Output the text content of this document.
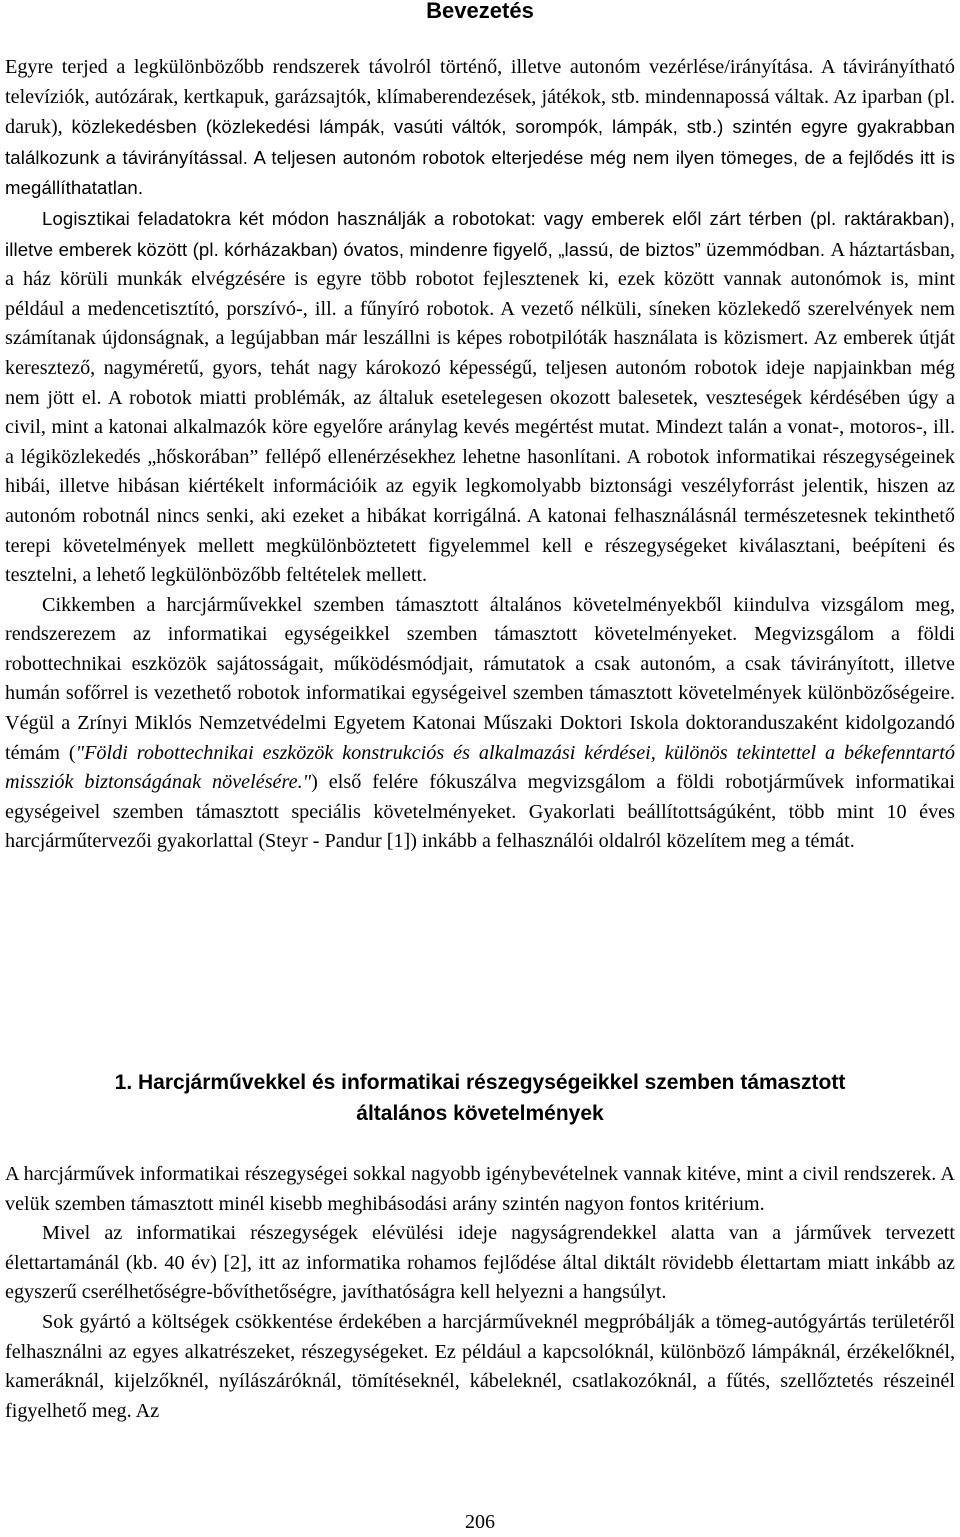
Bevezetés

Egyre terjed a legkülönbözőbb rendszerek távolról történő, illetve autonóm vezérlése/irányítása. A távirányítható televíziók, autózárak, kertkapuk, garázsajtók, klímaberendezések, játékok, stb. mindennapossá váltak. Az iparban (pl. daruk), közlekedésben (közlekedési lámpák, vasúti váltók, sorompók, lámpák, stb.) szintén egyre gyakrabban találkozunk a távirányítással. A teljesen autonóm robotok elterjedése még nem ilyen tömeges, de a fejlődés itt is megállíthatatlan.

Logisztikai feladatokra két módon használják a robotokat: vagy emberek elől zárt térben (pl. raktárakban), illetve emberek között (pl. kórházakban) óvatos, mindenre figyelő, „lassú, de biztos” üzemmódban. A háztartásban, a ház körüli munkák elvégzésére is egyre több robotot fejlesztenek ki, ezek között vannak autonómok is, mint például a medencetisztító, porszívó-, ill. a fűnyíró robotok. A vezető nélküli, síneken közlekedő szerelvények nem számítanak újdonságnak, a legújabban már leszállni is képes robotpilóták használata is közismert. Az emberek útját keresztező, nagyméretű, gyors, tehát nagy károkozó képességű, teljesen autonóm robotok ideje napjainkban még nem jött el. A robotok miatti problémák, az általuk esetelegesen okozott balesetek, veszteségek kérdésében úgy a civil, mint a katonai alkalmazók köre egyelőre aránylag kevés megértést mutat. Mindezt talán a vonat-, motoros-, ill. a légiközlekedés „hőskorában” fellépő ellenérzésekhez lehetne hasonlítani. A robotok informatikai részegységeinek hibái, illetve hibásan kiértékelt információik az egyik legkomolyabb biztonsági veszélyforrást jelentik, hiszen az autonóm robotnál nincs senki, aki ezeket a hibákat korrigálná. A katonai felhasználásnál természetesnek tekinthető terepi követelmények mellett megkülönböztetett figyelemmel kell e részegységeket kiválasztani, beépíteni és tesztelni, a lehető legkülönbözőbb feltételek mellett.

Cikkemben a harcjárművekkel szemben támasztott általános követelményekből kiindulva vizsgálom meg, rendszerezem az informatikai egységeikkel szemben támasztott követelményeket. Megvizsgálom a földi robottechnikai eszközök sajátosságait, működésmódjait, rámutatok a csak autonóm, a csak távirányított, illetve humán sofőrrel is vezethető robotok informatikai egységeivel szemben támasztott követelmények különbözőségeire. Végül a Zrínyi Miklós Nemzetvédelmi Egyetem Katonai Műszaki Doktori Iskola doktoranduszaként kidolgozandó témám ("Földi robottechnikai eszközök konstrukciós és alkalmazási kérdései, különös tekintettel a békefenntartó missziók biztonságának növelésére.") első felére fókuszálva megvizsgálom a földi robotjárművek informatikai egységeivel szemben támasztott speciális követelményeket. Gyakorlati beállítottságúként, több mint 10 éves harcjárműtervezői gyakorlattal (Steyr - Pandur [1]) inkább a felhasználói oldalról közelítem meg a témát.

1. Harcjárművekkel és informatikai részegységeikkel szemben támasztott
általános követelmények

A harcjárművek informatikai részegységei sokkal nagyobb igénybevételnek vannak kitéve, mint a civil rendszerek. A velük szemben támasztott minél kisebb meghibásodási arány szintén nagyon fontos kritérium.

Mivel az informatikai részegységek elévülési ideje nagyságrendekkel alatta van a járművek tervezett élettartamánál (kb. 40 év) [2], itt az informatika rohamos fejlődése által diktált rövidebb élettartam miatt inkább az egyszerű cserélhetőségre-bővíthetőségre, javíthatóságra kell helyezni a hangsúlyt.

Sok gyártó a költségek csökkentése érdekében a harcjárműveknél megpróbálják a tömeg-autógyártás területéről felhasználni az egyes alkatrészeket, részegységeket. Ez például a kapcsolóknál, különböző lámpáknál, érzékelőknél, kameráknál, kijelzőknél, nyílászáróknál, tömítéseknél, kábeleknél, csatlakozóknál, a fűtés, szellőztetés részeinél figyelhető meg. Az

206
